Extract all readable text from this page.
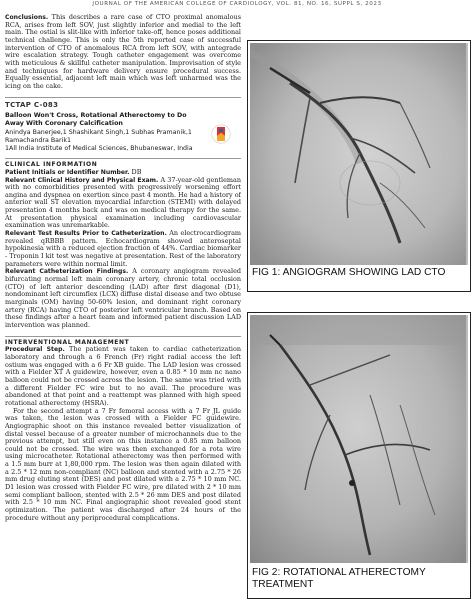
JOURNAL OF THE AMERICAN COLLEGE OF CARDIOLOGY, VOL. 81, NO. 16, SUPPL S, 2023

Conclusions. This describes a rare case of CTO proximal anomalous RCA, arises from left SOV, just slightly inferior and medial to the left main. The ostial is slit-like with inferior take-off, hence poses additional technical challenge. This is only the 5th reported case of successful intervention of CTO of anomalous RCA from left SOV, with antegrade wire escalation strategy. Tough catheter engagement was overcome with meticulous & skillful catheter manipulation. Improvisation of style and techniques for hardware delivery ensure procedural success. Equally essential, adjacent left main which was left unharmed was the icing on the cake.

TCTAP C-083
Balloon Won't Cross, Rotational Atherectomy to Do Away With Coronary Calcification
Anindya Banerjee,1 Shashikant Singh,1 Subhas Pramanik,1 Ramachandra Barik1
1All India Institute of Medical Sciences, Bhubaneswar, India
CLINICAL INFORMATION

Patient Initials or Identifier Number. DB

Relevant Clinical History and Physical Exam. A 37-year-old gentleman with no comorbidities presented with progressively worsening effort angina and dyspnea on exertion since past 4 month. He had a history of anterior wall ST elevation myocardial infarction (STEMI) with delayed presentation 4 months back and was on medical therapy for the same. At presentation physical examination including cardiovascular examination was unremarkable.

Relevant Test Results Prior to Catheterization. An electrocardiogram revealed qRBBB pattern. Echocardiogram showed anteroseptal hypokinesia with a reduced ejection fraction of 44%. Cardiac biomarker - Troponin I kit test was negative at presentation. Rest of the laboratory parameters were within normal limit.

Relevant Catheterization Findings. A coronary angiogram revealed bifurcating normal left main coronary artery, chronic total occlusion (CTO) of left anterior descending (LAD) after first diagonal (D1), nondominant left circumflex (LCX) diffuse distal disease and two obtuse marginals (OM) having 50-60% lesion, and dominant right coronary artery (RCA) having CTO of posterior left ventricular branch. Based on these findings after a heart team and informed patient discussion LAD intervention was planned.

INTERVENTIONAL MANAGEMENT

Procedural Step. The patient was taken to cardiac catheterization laboratory and through a 6 French (Fr) right radial access the left ostium was engaged with a 6 Fr XB guide. The LAD lesion was crossed with a Fielder XT A guidewire, however, even a 0.85 * 10 mm nc nano balloon could not be crossed across the lesion. The same was tried with a different Fielder FC wire but to no avail. The procedure was abandoned at that point and a reattempt was planned with high speed rotational atherectomy (HSRA).

For the second attempt a 7 Fr femoral access with a 7 Fr JL guide was taken, the lesion was crossed with a Fielder FC guidewire. Angiographic shoot on this instance revealed better visualization of distal vessel because of a greater number of microchannels due to the previous attempt, but still even on this instance a 0.85 mm balloon could not be crossed. The wire was then exchanged for a rota wire using microcatheter. Rotational atherectomy was then performed with a 1.5 mm burr at 1,80,000 rpm. The lesion was then again dilated with a 2.5 * 12 mm non-compliant (NC) balloon and stented with a 2.75 * 26 mm drug eluting stent (DES) and post dilated with a 2.75 * 10 mm NC. D1 lesion was crossed with Fielder FC wire, pre dilated with 2 * 10 mm semi compliant balloon, stented with 2.5 * 26 mm DES and post dilated with 2.5 * 10 mm NC. Final angiographic shoot revealed good stent optimization. The patient was discharged after 24 hours of the procedure without any periprocedural complications.

FIG 1: ANGIOGRAM SHOWING LAD CTO
FIG 2: ROTATIONAL ATHERECTOMY TREATMENT
